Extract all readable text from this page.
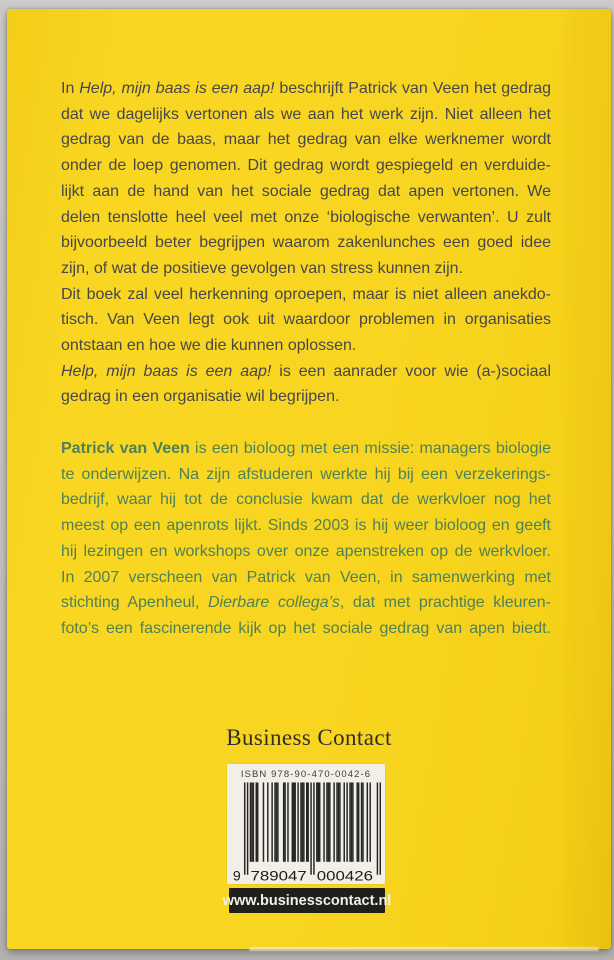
In Help, mijn baas is een aap! beschrijft Patrick van Veen het gedrag
dat we dagelijks vertonen als we aan het werk zijn. Niet alleen het
gedrag van de baas, maar het gedrag van elke werknemer wordt
onder de loep genomen. Dit gedrag wordt gespiegeld en verduide-
lijkt aan de hand van het sociale gedrag dat apen vertonen. We
delen tenslotte heel veel met onze ‘biologische verwanten’. U zult
bijvoorbeeld beter begrijpen waarom zakenlunches een goed idee
zijn, of wat de positieve gevolgen van stress kunnen zijn.
Dit boek zal veel herkenning oproepen, maar is niet alleen anekdo-
tisch. Van Veen legt ook uit waardoor problemen in organisaties
ontstaan en hoe we die kunnen oplossen.
Help, mijn baas is een aap! is een aanrader voor wie (a-)sociaal
gedrag in een organisatie wil begrijpen.
Patrick van Veen is een bioloog met een missie: managers biologie
te onderwijzen. Na zijn afstuderen werkte hij bij een verzekerings-
bedrijf, waar hij tot de conclusie kwam dat de werkvloer nog het
meest op een apenrots lijkt. Sinds 2003 is hij weer bioloog en geeft
hij lezingen en workshops over onze apenstreken op de werkvloer.
In 2007 verscheen van Patrick van Veen, in samenwerking met
stichting Apenheul, Dierbare collega’s, dat met prachtige kleuren-
foto’s een fascinerende kijk op het sociale gedrag van apen biedt.
Business Contact
ISBN 978-90-470-0042-6
9 789047 000426
www.businesscontact.nl
